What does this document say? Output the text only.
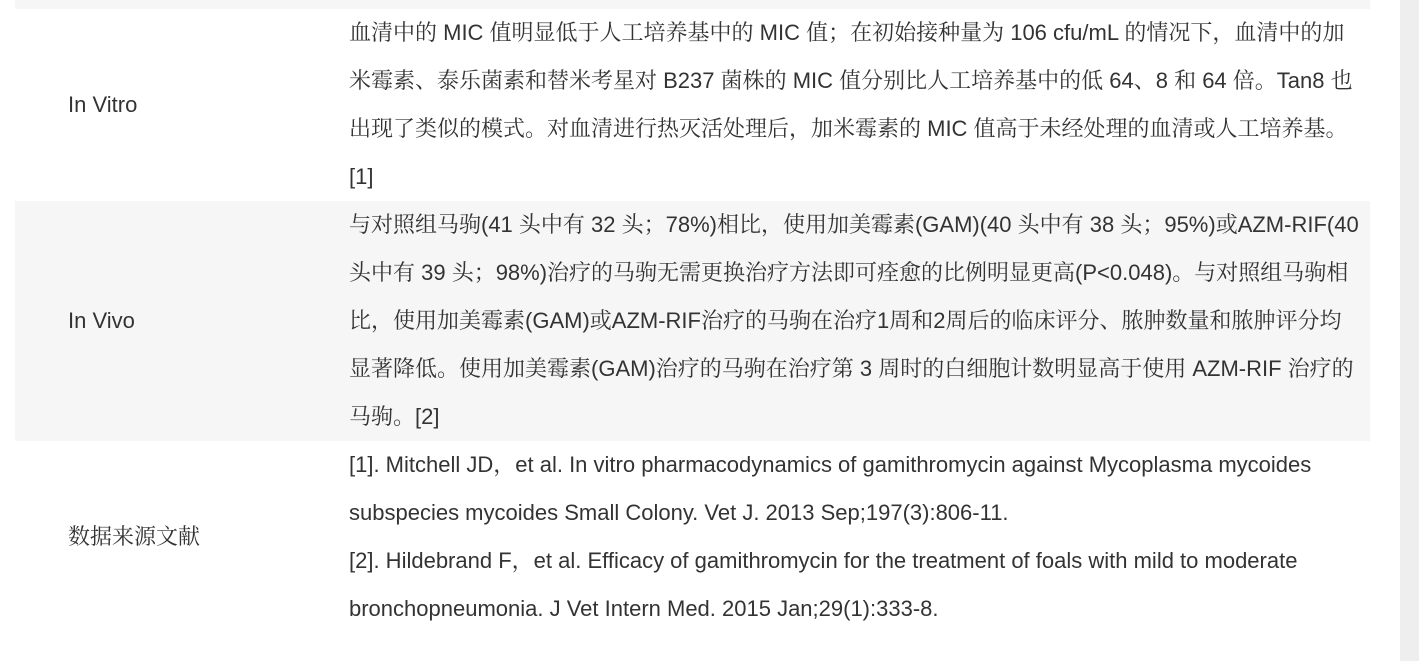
In Vitro

血清中的 MIC 值明显低于人工培养基中的 MIC 值；在初始接种量为 106 cfu/mL 的情况下，血清中的加米霉素、泰乐菌素和替米考星对 B237 菌株的 MIC 值分别比人工培养基中的低 64、8 和 64 倍。Tan8 也出现了类似的模式。对血清进行热灭活处理后，加米霉素的 MIC 值高于未经处理的血清或人工培养基。[1]

In Vivo

与对照组马驹(41 头中有 32 头；78%)相比，使用加美霉素(GAM)(40 头中有 38 头；95%)或AZM-RIF(40 头中有 39 头；98%)治疗的马驹无需更换治疗方法即可痊愈的比例明显更高(P<0.048)。与对照组马驹相比，使用加美霉素(GAM)或AZM-RIF治疗的马驹在治疗1周和2周后的临床评分、脓肿数量和脓肿评分均显著降低。使用加美霉素(GAM)治疗的马驹在治疗第 3 周时的白细胞计数明显高于使用 AZM-RIF 治疗的马驹。[2]

数据来源文献

[1]. Mitchell JD，et al. In vitro pharmacodynamics of gamithromycin against Mycoplasma mycoides subspecies mycoides Small Colony. Vet J. 2013 Sep;197(3):806-11.

[2]. Hildebrand F，et al. Efficacy of gamithromycin for the treatment of foals with mild to moderate bronchopneumonia. J Vet Intern Med. 2015 Jan;29(1):333-8.
